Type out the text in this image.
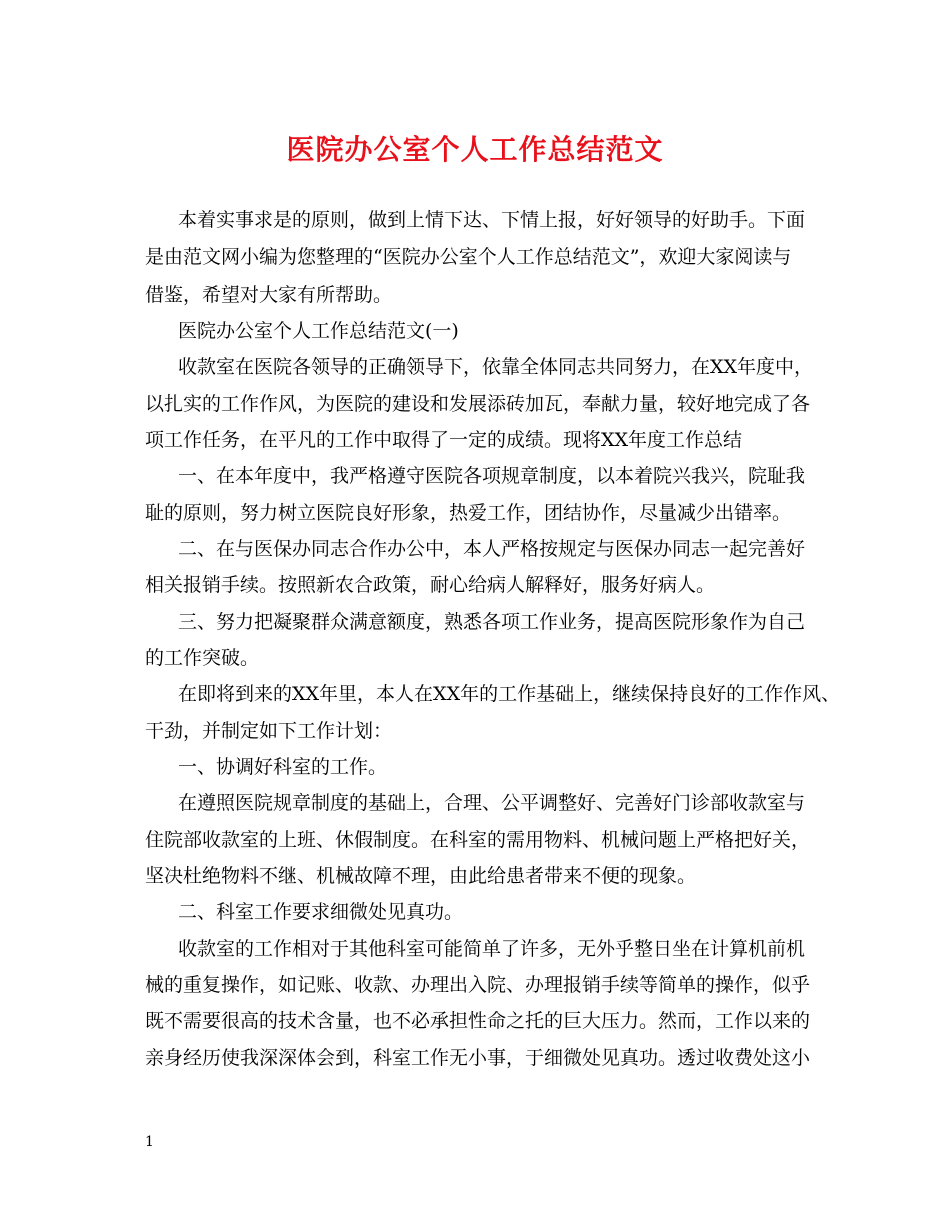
医院办公室个人工作总结范文

本着实事求是的原则，做到上情下达、下情上报，好好领导的好助手。下面

是由范文网小编为您整理的“医院办公室个人工作总结范文”，欢迎大家阅读与

借鉴，希望对大家有所帮助。

医院办公室个人工作总结范文(一)

收款室在医院各领导的正确领导下，依靠全体同志共同努力，在XX年度中，

以扎实的工作作风，为医院的建设和发展添砖加瓦，奉献力量，较好地完成了各

项工作任务，在平凡的工作中取得了一定的成绩。现将XX年度工作总结

一、在本年度中，我严格遵守医院各项规章制度，以本着院兴我兴，院耻我

耻的原则，努力树立医院良好形象，热爱工作，团结协作，尽量减少出错率。

二、在与医保办同志合作办公中，本人严格按规定与医保办同志一起完善好

相关报销手续。按照新农合政策，耐心给病人解释好，服务好病人。

三、努力把凝聚群众满意额度，熟悉各项工作业务，提高医院形象作为自己

的工作突破。

在即将到来的XX年里，本人在XX年的工作基础上，继续保持良好的工作作风、

干劲，并制定如下工作计划：

一、协调好科室的工作。

在遵照医院规章制度的基础上，合理、公平调整好、完善好门诊部收款室与

住院部收款室的上班、休假制度。在科室的需用物料、机械问题上严格把好关，

坚决杜绝物料不继、机械故障不理，由此给患者带来不便的现象。

二、科室工作要求细微处见真功。

收款室的工作相对于其他科室可能简单了许多，无外乎整日坐在计算机前机

械的重复操作，如记账、收款、办理出入院、办理报销手续等简单的操作，似乎

既不需要很高的技术含量，也不必承担性命之托的巨大压力。然而，工作以来的

亲身经历使我深深体会到，科室工作无小事，于细微处见真功。透过收费处这小

1
